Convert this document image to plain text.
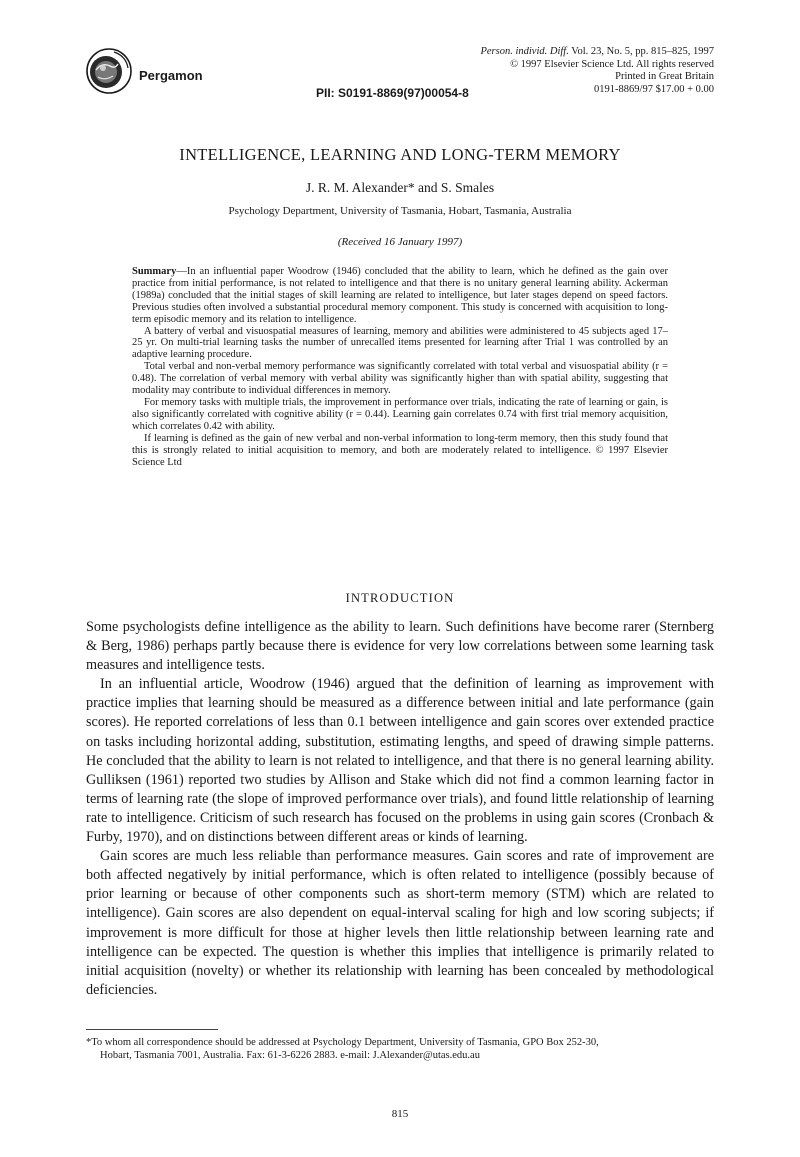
Pergamon
PII: S0191-8869(97)00054-8
Person. individ. Diff. Vol. 23, No. 5, pp. 815–825, 1997
© 1997 Elsevier Science Ltd. All rights reserved
Printed in Great Britain
0191-8869/97 $17.00 + 0.00
INTELLIGENCE, LEARNING AND LONG-TERM MEMORY
J. R. M. Alexander* and S. Smales
Psychology Department, University of Tasmania, Hobart, Tasmania, Australia
(Received 16 January 1997)

Summary—In an influential paper Woodrow (1946) concluded that the ability to learn, which he defined as the gain over practice from initial performance, is not related to intelligence and that there is no unitary general learning ability. Ackerman (1989a) concluded that the initial stages of skill learning are related to intelligence, but later stages depend on speed factors. Previous studies often involved a substantial procedural memory component. This study is concerned with acquisition to long-term episodic memory and its relation to intelligence.

A battery of verbal and visuospatial measures of learning, memory and abilities were administered to 45 subjects aged 17–25 yr. On multi-trial learning tasks the number of unrecalled items presented for learning after Trial 1 was controlled by an adaptive learning procedure.

Total verbal and non-verbal memory performance was significantly correlated with total verbal and visuospatial ability (r = 0.48). The correlation of verbal memory with verbal ability was significantly higher than with spatial ability, suggesting that modality may contribute to individual differences in memory.

For memory tasks with multiple trials, the improvement in performance over trials, indicating the rate of learning or gain, is also significantly correlated with cognitive ability (r = 0.44). Learning gain correlates 0.74 with first trial memory acquisition, which correlates 0.42 with ability.

If learning is defined as the gain of new verbal and non-verbal information to long-term memory, then this study found that this is strongly related to initial acquisition to memory, and both are moderately related to intelligence. © 1997 Elsevier Science Ltd

INTRODUCTION

Some psychologists define intelligence as the ability to learn. Such definitions have become rarer (Sternberg & Berg, 1986) perhaps partly because there is evidence for very low correlations between some learning task measures and intelligence tests.

In an influential article, Woodrow (1946) argued that the definition of learning as improvement with practice implies that learning should be measured as a difference between initial and late performance (gain scores). He reported correlations of less than 0.1 between intelligence and gain scores over extended practice on tasks including horizontal adding, substitution, estimating lengths, and speed of drawing simple patterns. He concluded that the ability to learn is not related to intelligence, and that there is no general learning ability. Gulliksen (1961) reported two studies by Allison and Stake which did not find a common learning factor in terms of learning rate (the slope of improved performance over trials), and found little relationship of learning rate to intelligence. Criticism of such research has focused on the problems in using gain scores (Cronbach & Furby, 1970), and on distinctions between different areas or kinds of learning.

Gain scores are much less reliable than performance measures. Gain scores and rate of improvement are both affected negatively by initial performance, which is often related to intelligence (possibly because of prior learning or because of other components such as short-term memory (STM) which are related to intelligence). Gain scores are also dependent on equal-interval scaling for high and low scoring subjects; if improvement is more difficult for those at higher levels then little relationship between learning rate and intelligence can be expected. The question is whether this implies that intelligence is primarily related to initial acquisition (novelty) or whether its relationship with learning has been concealed by methodological deficiencies.

*To whom all correspondence should be addressed at Psychology Department, University of Tasmania, GPO Box 252-30,
Hobart, Tasmania 7001, Australia. Fax: 61-3-6226 2883. e-mail: J.Alexander@utas.edu.au
815
